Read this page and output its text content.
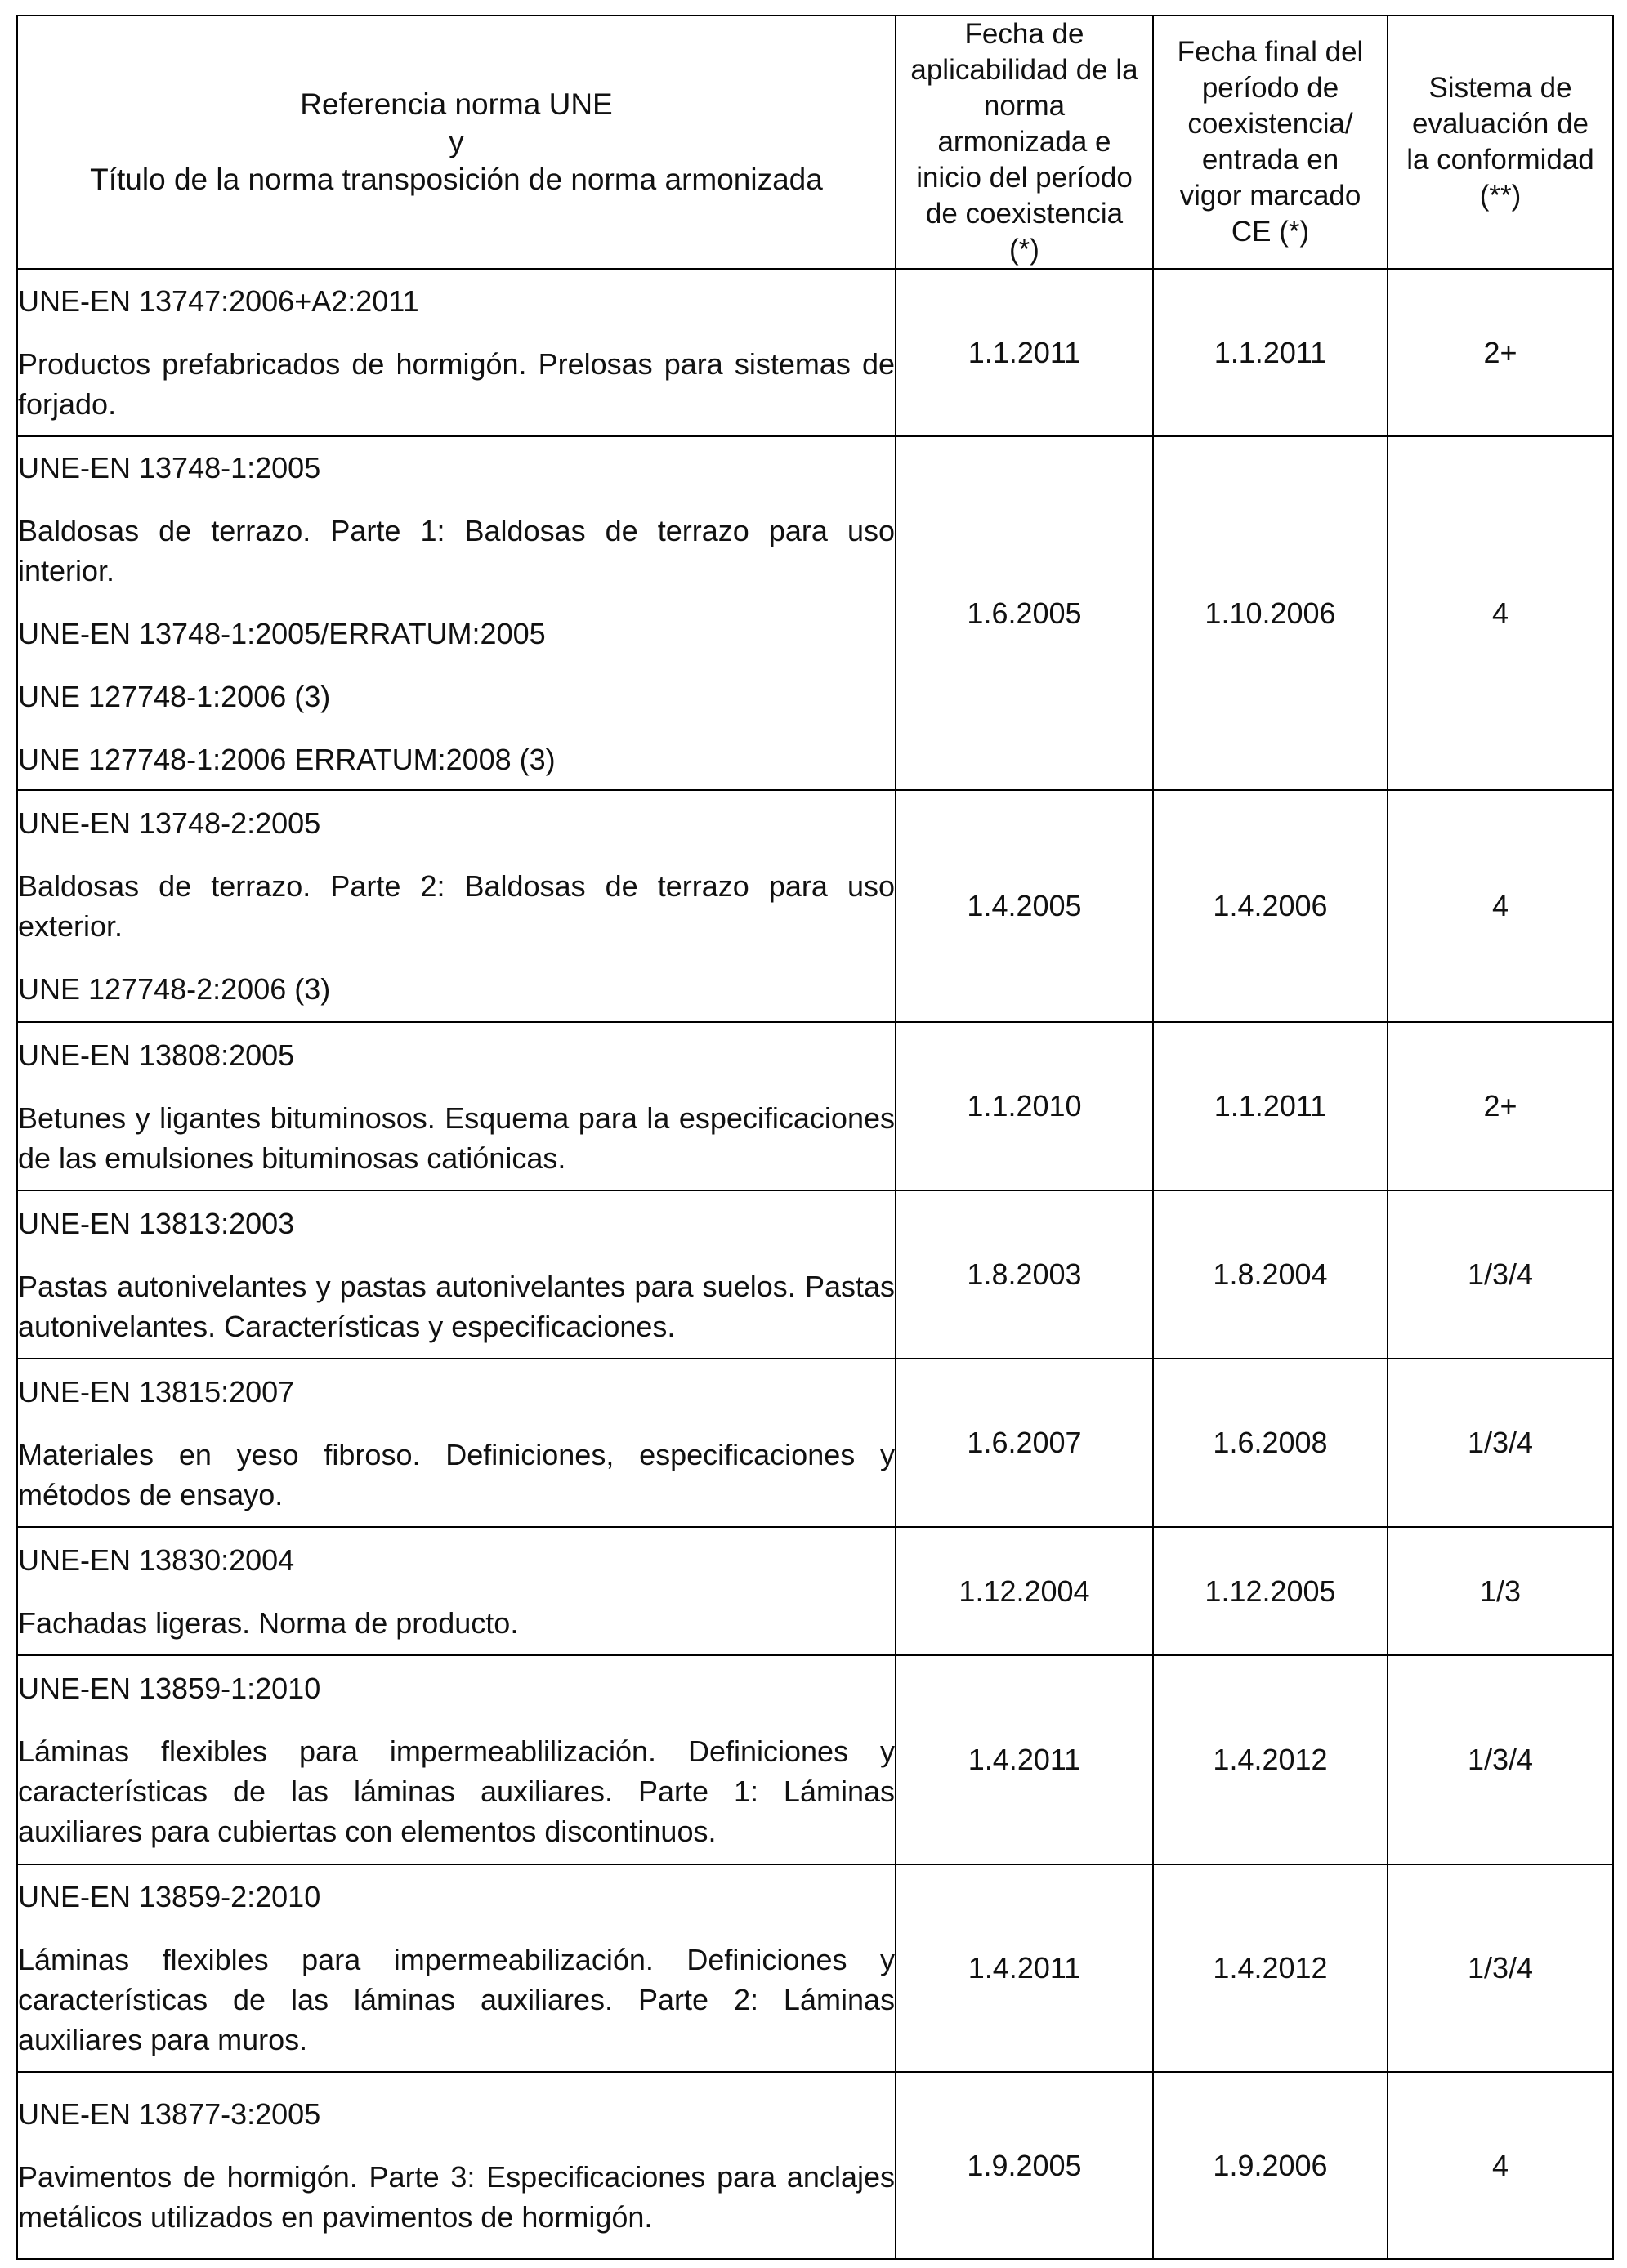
Referencia norma UNE
y
Título de la norma transposición de norma armonizada	Fecha de aplicabilidad de la norma armonizada e inicio del período de coexistencia (*)	Fecha final del período de coexistencia/ entrada en vigor marcado CE (*)	Sistema de evaluación de la conformidad (**)

UNE-EN 13747:2006+A2:2011
Productos prefabricados de hormigón. Prelosas para sistemas de forjado.	1.1.2011	1.1.2011	2+

UNE-EN 13748-1:2005
Baldosas de terrazo. Parte 1: Baldosas de terrazo para uso interior.
UNE-EN 13748-1:2005/ERRATUM:2005
UNE 127748-1:2006 (3)
UNE 127748-1:2006 ERRATUM:2008 (3)	1.6.2005	1.10.2006	4

UNE-EN 13748-2:2005
Baldosas de terrazo. Parte 2: Baldosas de terrazo para uso exterior.
UNE 127748-2:2006 (3)	1.4.2005	1.4.2006	4

UNE-EN 13808:2005
Betunes y ligantes bituminosos. Esquema para la especificaciones de las emulsiones bituminosas catiónicas.	1.1.2010	1.1.2011	2+

UNE-EN 13813:2003
Pastas autonivelantes y pastas autonivelantes para suelos. Pastas autonivelantes. Características y especificaciones.	1.8.2003	1.8.2004	1/3/4

UNE-EN 13815:2007
Materiales en yeso fibroso. Definiciones, especificaciones y métodos de ensayo.	1.6.2007	1.6.2008	1/3/4

UNE-EN 13830:2004
Fachadas ligeras. Norma de producto.	1.12.2004	1.12.2005	1/3

UNE-EN 13859-1:2010
Láminas flexibles para impermeablilización. Definiciones y características de las láminas auxiliares. Parte 1: Láminas auxiliares para cubiertas con elementos discontinuos.	1.4.2011	1.4.2012	1/3/4

UNE-EN 13859-2:2010
Láminas flexibles para impermeabilización. Definiciones y características de las láminas auxiliares. Parte 2: Láminas auxiliares para muros.	1.4.2011	1.4.2012	1/3/4

UNE-EN 13877-3:2005
Pavimentos de hormigón. Parte 3: Especificaciones para anclajes metálicos utilizados en pavimentos de hormigón.	1.9.2005	1.9.2006	4
